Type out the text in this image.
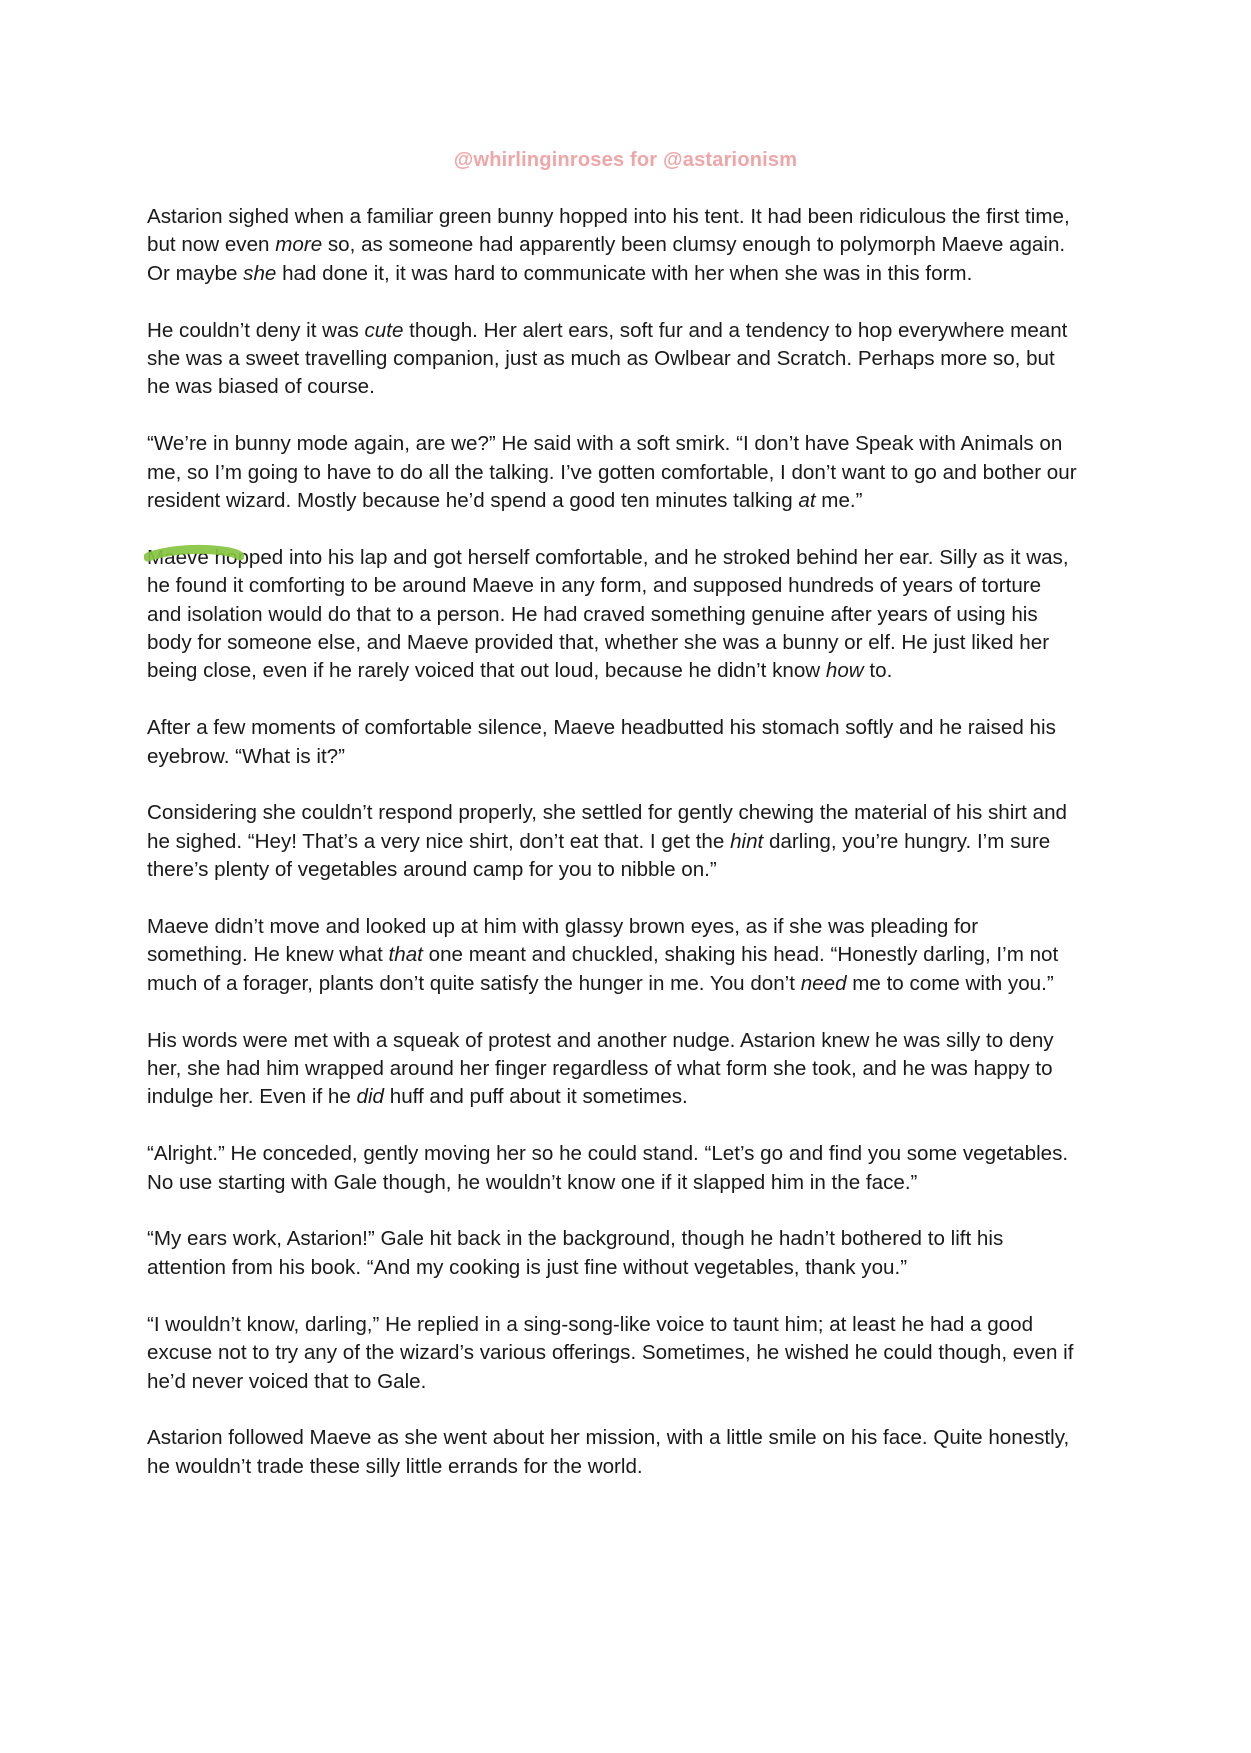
@whirlinginroses for @astarionism
Astarion sighed when a familiar green bunny hopped into his tent. It had been ridiculous the first time,
but now even more so, as someone had apparently been clumsy enough to polymorph Maeve again.
Or maybe she had done it, it was hard to communicate with her when she was in this form.
He couldn’t deny it was cute though. Her alert ears, soft fur and a tendency to hop everywhere meant
she was a sweet travelling companion, just as much as Owlbear and Scratch. Perhaps more so, but
he was biased of course.
“We’re in bunny mode again, are we?” He said with a soft smirk. “I don’t have Speak with Animals on
me, so I’m going to have to do all the talking. I’ve gotten comfortable, I don’t want to go and bother our
resident wizard. Mostly because he’d spend a good ten minutes talking at me.”
Maeve hopped into his lap and got herself comfortable, and he stroked behind her ear. Silly as it was,
he found it comforting to be around Maeve in any form, and supposed hundreds of years of torture
and isolation would do that to a person. He had craved something genuine after years of using his
body for someone else, and Maeve provided that, whether she was a bunny or elf. He just liked her
being close, even if he rarely voiced that out loud, because he didn’t know how to.
After a few moments of comfortable silence, Maeve headbutted his stomach softly and he raised his
eyebrow. “What is it?”
Considering she couldn’t respond properly, she settled for gently chewing the material of his shirt and
he sighed. “Hey! That’s a very nice shirt, don’t eat that. I get the hint darling, you’re hungry. I’m sure
there’s plenty of vegetables around camp for you to nibble on.”
Maeve didn’t move and looked up at him with glassy brown eyes, as if she was pleading for
something. He knew what that one meant and chuckled, shaking his head. “Honestly darling, I’m not
much of a forager, plants don’t quite satisfy the hunger in me. You don’t need me to come with you.”
His words were met with a squeak of protest and another nudge. Astarion knew he was silly to deny
her, she had him wrapped around her finger regardless of what form she took, and he was happy to
indulge her. Even if he did huff and puff about it sometimes.
“Alright.” He conceded, gently moving her so he could stand. “Let’s go and find you some vegetables.
No use starting with Gale though, he wouldn’t know one if it slapped him in the face.”
“My ears work, Astarion!” Gale hit back in the background, though he hadn’t bothered to lift his
attention from his book. “And my cooking is just fine without vegetables, thank you.”
“I wouldn’t know, darling,” He replied in a sing-song-like voice to taunt him; at least he had a good
excuse not to try any of the wizard’s various offerings. Sometimes, he wished he could though, even if
he’d never voiced that to Gale.
Astarion followed Maeve as she went about her mission, with a little smile on his face. Quite honestly,
he wouldn’t trade these silly little errands for the world.
